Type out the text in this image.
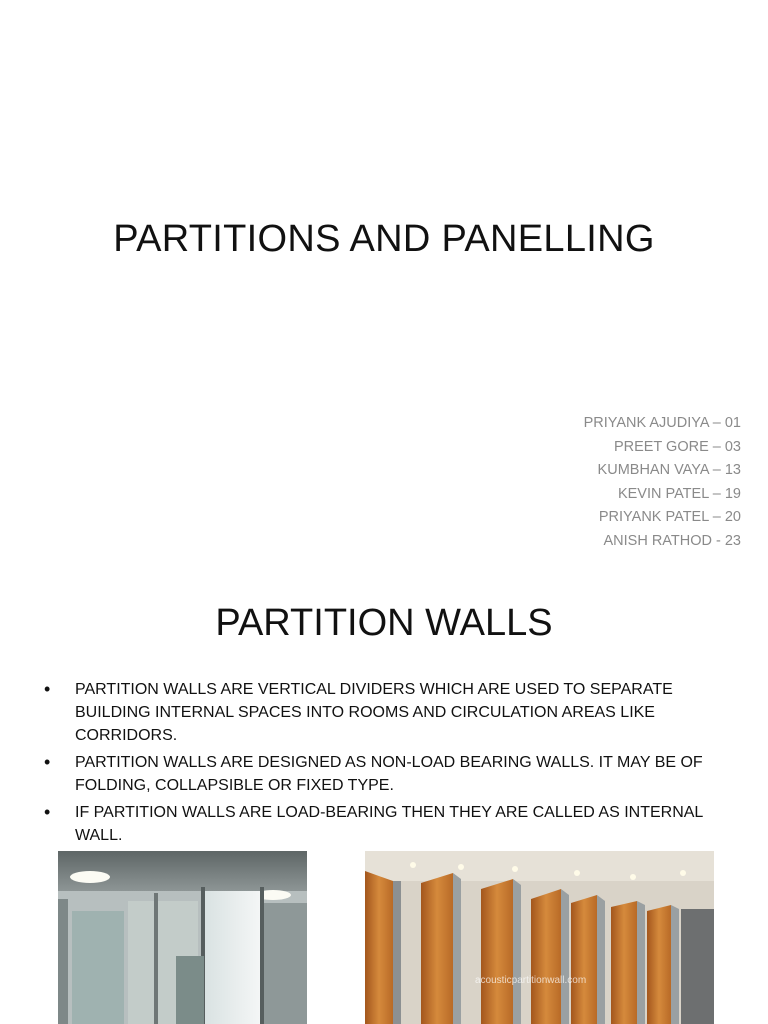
PARTITIONS AND PANELLING
PRIYANK AJUDIYA – 01
PREET GORE – 03
KUMBHAN VAYA – 13
KEVIN PATEL – 19
PRIYANK PATEL – 20
ANISH RATHOD - 23
PARTITION WALLS
• PARTITION WALLS ARE VERTICAL DIVIDERS WHICH ARE USED TO SEPARATE BUILDING INTERNAL SPACES INTO ROOMS AND CIRCULATION AREAS LIKE CORRIDORS.
• PARTITION WALLS ARE DESIGNED AS NON-LOAD BEARING WALLS. IT MAY BE OF FOLDING, COLLAPSIBLE OR FIXED TYPE.
• IF PARTITION WALLS ARE LOAD-BEARING THEN THEY ARE CALLED AS INTERNAL WALL.
acousticpartitionwall.com
